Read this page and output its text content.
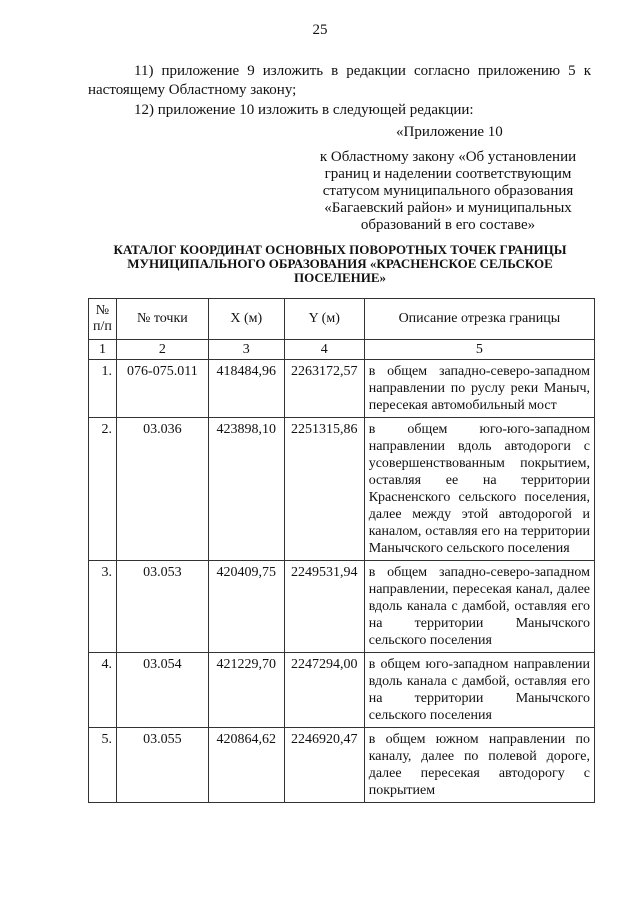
25
11) приложение 9 изложить в редакции согласно приложению 5 к настоящему Областному закону;
12) приложение 10 изложить в следующей редакции:
«Приложение 10
к Областному закону «Об установлении границ и наделении соответствующим статусом муниципального образования «Багаевский район» и муниципальных образований в его составе»
КАТАЛОГ КООРДИНАТ ОСНОВНЫХ ПОВОРОТНЫХ ТОЧЕК ГРАНИЦЫ МУНИЦИПАЛЬНОГО ОБРАЗОВАНИЯ «КРАСНЕНСКОЕ СЕЛЬСКОЕ ПОСЕЛЕНИЕ»
№ п/п	№ точки	X (м)	Y (м)	Описание отрезка границы
1	2	3	4	5
1.	076-075.011	418484,96	2263172,57	в общем западно-северо-западном направлении по руслу реки Маныч, пересекая автомобильный мост
2.	03.036	423898,10	2251315,86	в общем юго-юго-западном направлении вдоль автодороги с усовершенствованным покрытием, оставляя ее на территории Красненского сельского поселения, далее между этой автодорогой и каналом, оставляя его на территории Манычского сельского поселения
3.	03.053	420409,75	2249531,94	в общем западно-северо-западном направлении, пересекая канал, далее вдоль канала с дамбой, оставляя его на территории Манычского сельского поселения
4.	03.054	421229,70	2247294,00	в общем юго-западном направлении вдоль канала с дамбой, оставляя его на территории Манычского сельского поселения
5.	03.055	420864,62	2246920,47	в общем южном направлении по каналу, далее по полевой дороге, далее пересекая автодорогу с покрытием
